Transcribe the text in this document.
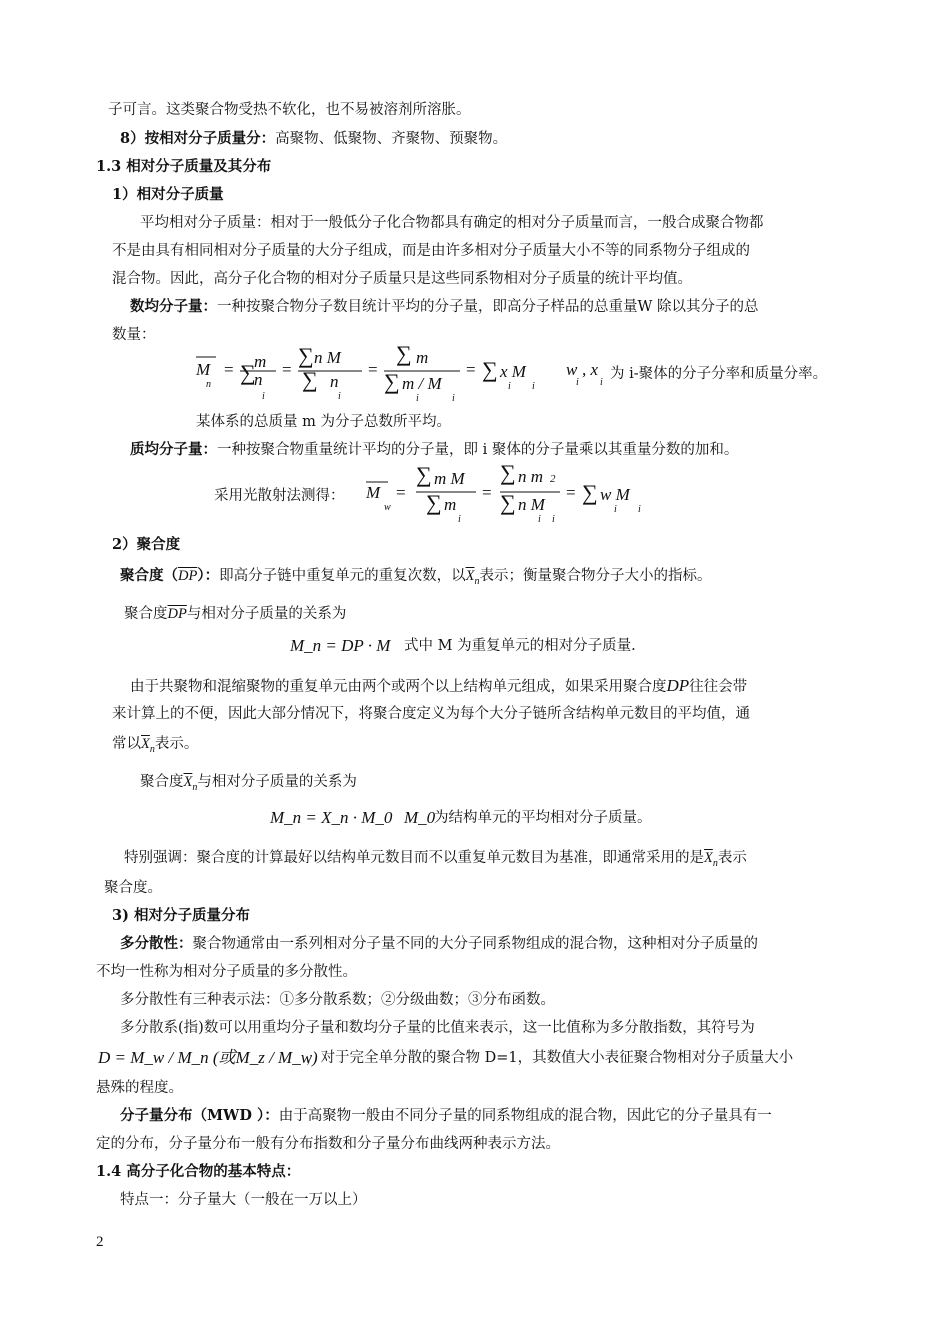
子可言。这类聚合物受热不软化，也不易被溶剂所溶胀。
8）按相对分子质量分：高聚物、低聚物、齐聚物、预聚物。
1.3 相对分子质量及其分布
1）相对分子质量
平均相对分子质量：相对于一般低分子化合物都具有确定的相对分子质量而言，一般合成聚合物都
不是由具有相同相对分子质量的大分子组成，而是由许多相对分子质量大小不等的同系物分子组成的
混合物。因此，高分子化合物的相对分子质量只是这些同系物相对分子质量的统计平均值。
数均分子量：一种按聚合物分子数目统计平均的分子量，即高分子样品的总重量W 除以其分子的总
数量：
M
n
= ∑
m
n
i
=
∑ n M
∑ n
i
=
∑ m
∑ m / M
i	i
= ∑ x M
i i
w
i
, x
i
为 i-聚体的分子分率和质量分率。
某体系的总质量 m 为分子总数所平均。
质均分子量：一种按聚合物重量统计平均的分子量，即 i 聚体的分子量乘以其重量分数的加和。
采用光散射法测得： M
w
=
∑ m M
∑ m
i
=
∑ n m 2
∑ n M
i i
= ∑ w M
i i
2）聚合度
聚合度$(\overline{DP})$：即高分子链中重复单元的重复次数，以$\overline{X}_n$表示；衡量聚合物分子大小的指标。
聚合度$\overline{DP}$与相对分子质量的关系为
M_n = DP · M 式中 M 为重复单元的相对分子质量.
由于共聚物和混缩聚物的重复单元由两个或两个以上结构单元组成，如果采用聚合度DP往往会带
来计算上的不便，因此大部分情况下，将聚合度定义为每个大分子链所含结构单元数目的平均值，通
常以$\overline{X}_n$表示。
聚合度$\overline{X}_n$与相对分子质量的关系为
M_n = X_n · M_0 M_0
为结构单元的平均相对分子质量。
特别强调：聚合度的计算最好以结构单元数目而不以重复单元数目为基准，即通常采用的是$\overline{X}_n$表示
聚合度。
3) 相对分子质量分布
多分散性：聚合物通常由一系列相对分子量不同的大分子同系物组成的混合物，这种相对分子质量的
不均一性称为相对分子质量的多分散性。
多分散性有三种表示法：①多分散系数；②分级曲数；③分布函数。
多分散系(指)数可以用重均分子量和数均分子量的比值来表示，这一比值称为多分散指数，其符号为
D = M_w / M_n (或M_z / M_w)
，对于完全单分散的聚合物 D=1，其数值大小表征聚合物相对分子质量大小
悬殊的程度。
分子量分布（MWD ）：由于高聚物一般由不同分子量的同系物组成的混合物，因此它的分子量具有一
定的分布，分子量分布一般有分布指数和分子量分布曲线两种表示方法。
1.4 高分子化合物的基本特点：
特点一：分子量大（一般在一万以上）
2
